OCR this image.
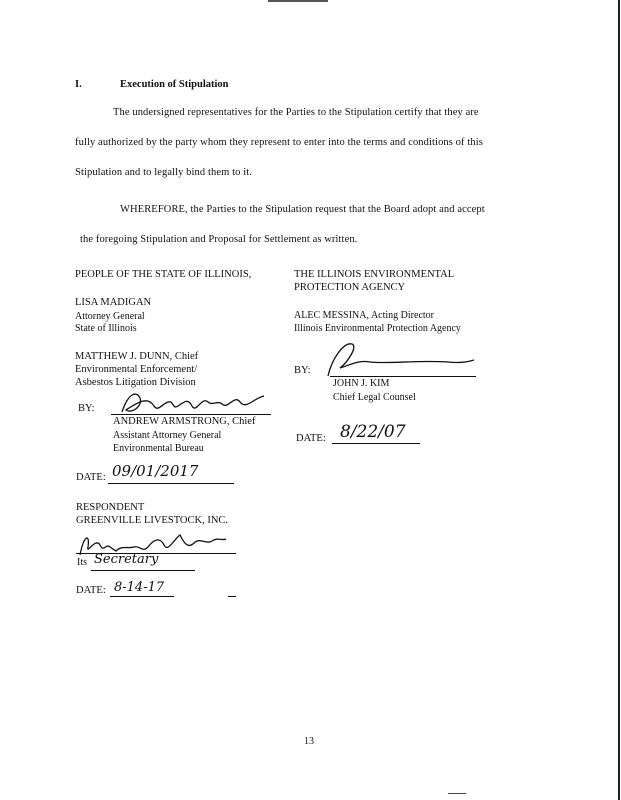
I.	Execution of Stipulation
The undersigned representatives for the Parties to the Stipulation certify that they are
fully authorized by the party whom they represent to enter into the terms and conditions of this
Stipulation and to legally bind them to it.
WHEREFORE, the Parties to the Stipulation request that the Board adopt and accept
the foregoing Stipulation and Proposal for Settlement as written.
PEOPLE OF THE STATE OF ILLINOIS,
LISA MADIGAN
Attorney General
State of Illinois
MATTHEW J. DUNN, Chief
Environmental Enforcement/
Asbestos Litigation Division
BY:
ANDREW ARMSTRONG, Chief
Assistant Attorney General
Environmental Bureau
DATE: 09/01/2017
RESPONDENT
GREENVILLE LIVESTOCK, INC.
Its Secretary
DATE: 8-14-17
THE ILLINOIS ENVIRONMENTAL
PROTECTION AGENCY
ALEC MESSINA, Acting Director
Illinois Environmental Protection Agency
BY:
JOHN J. KIM
Chief Legal Counsel
DATE: 8/22/07
13
